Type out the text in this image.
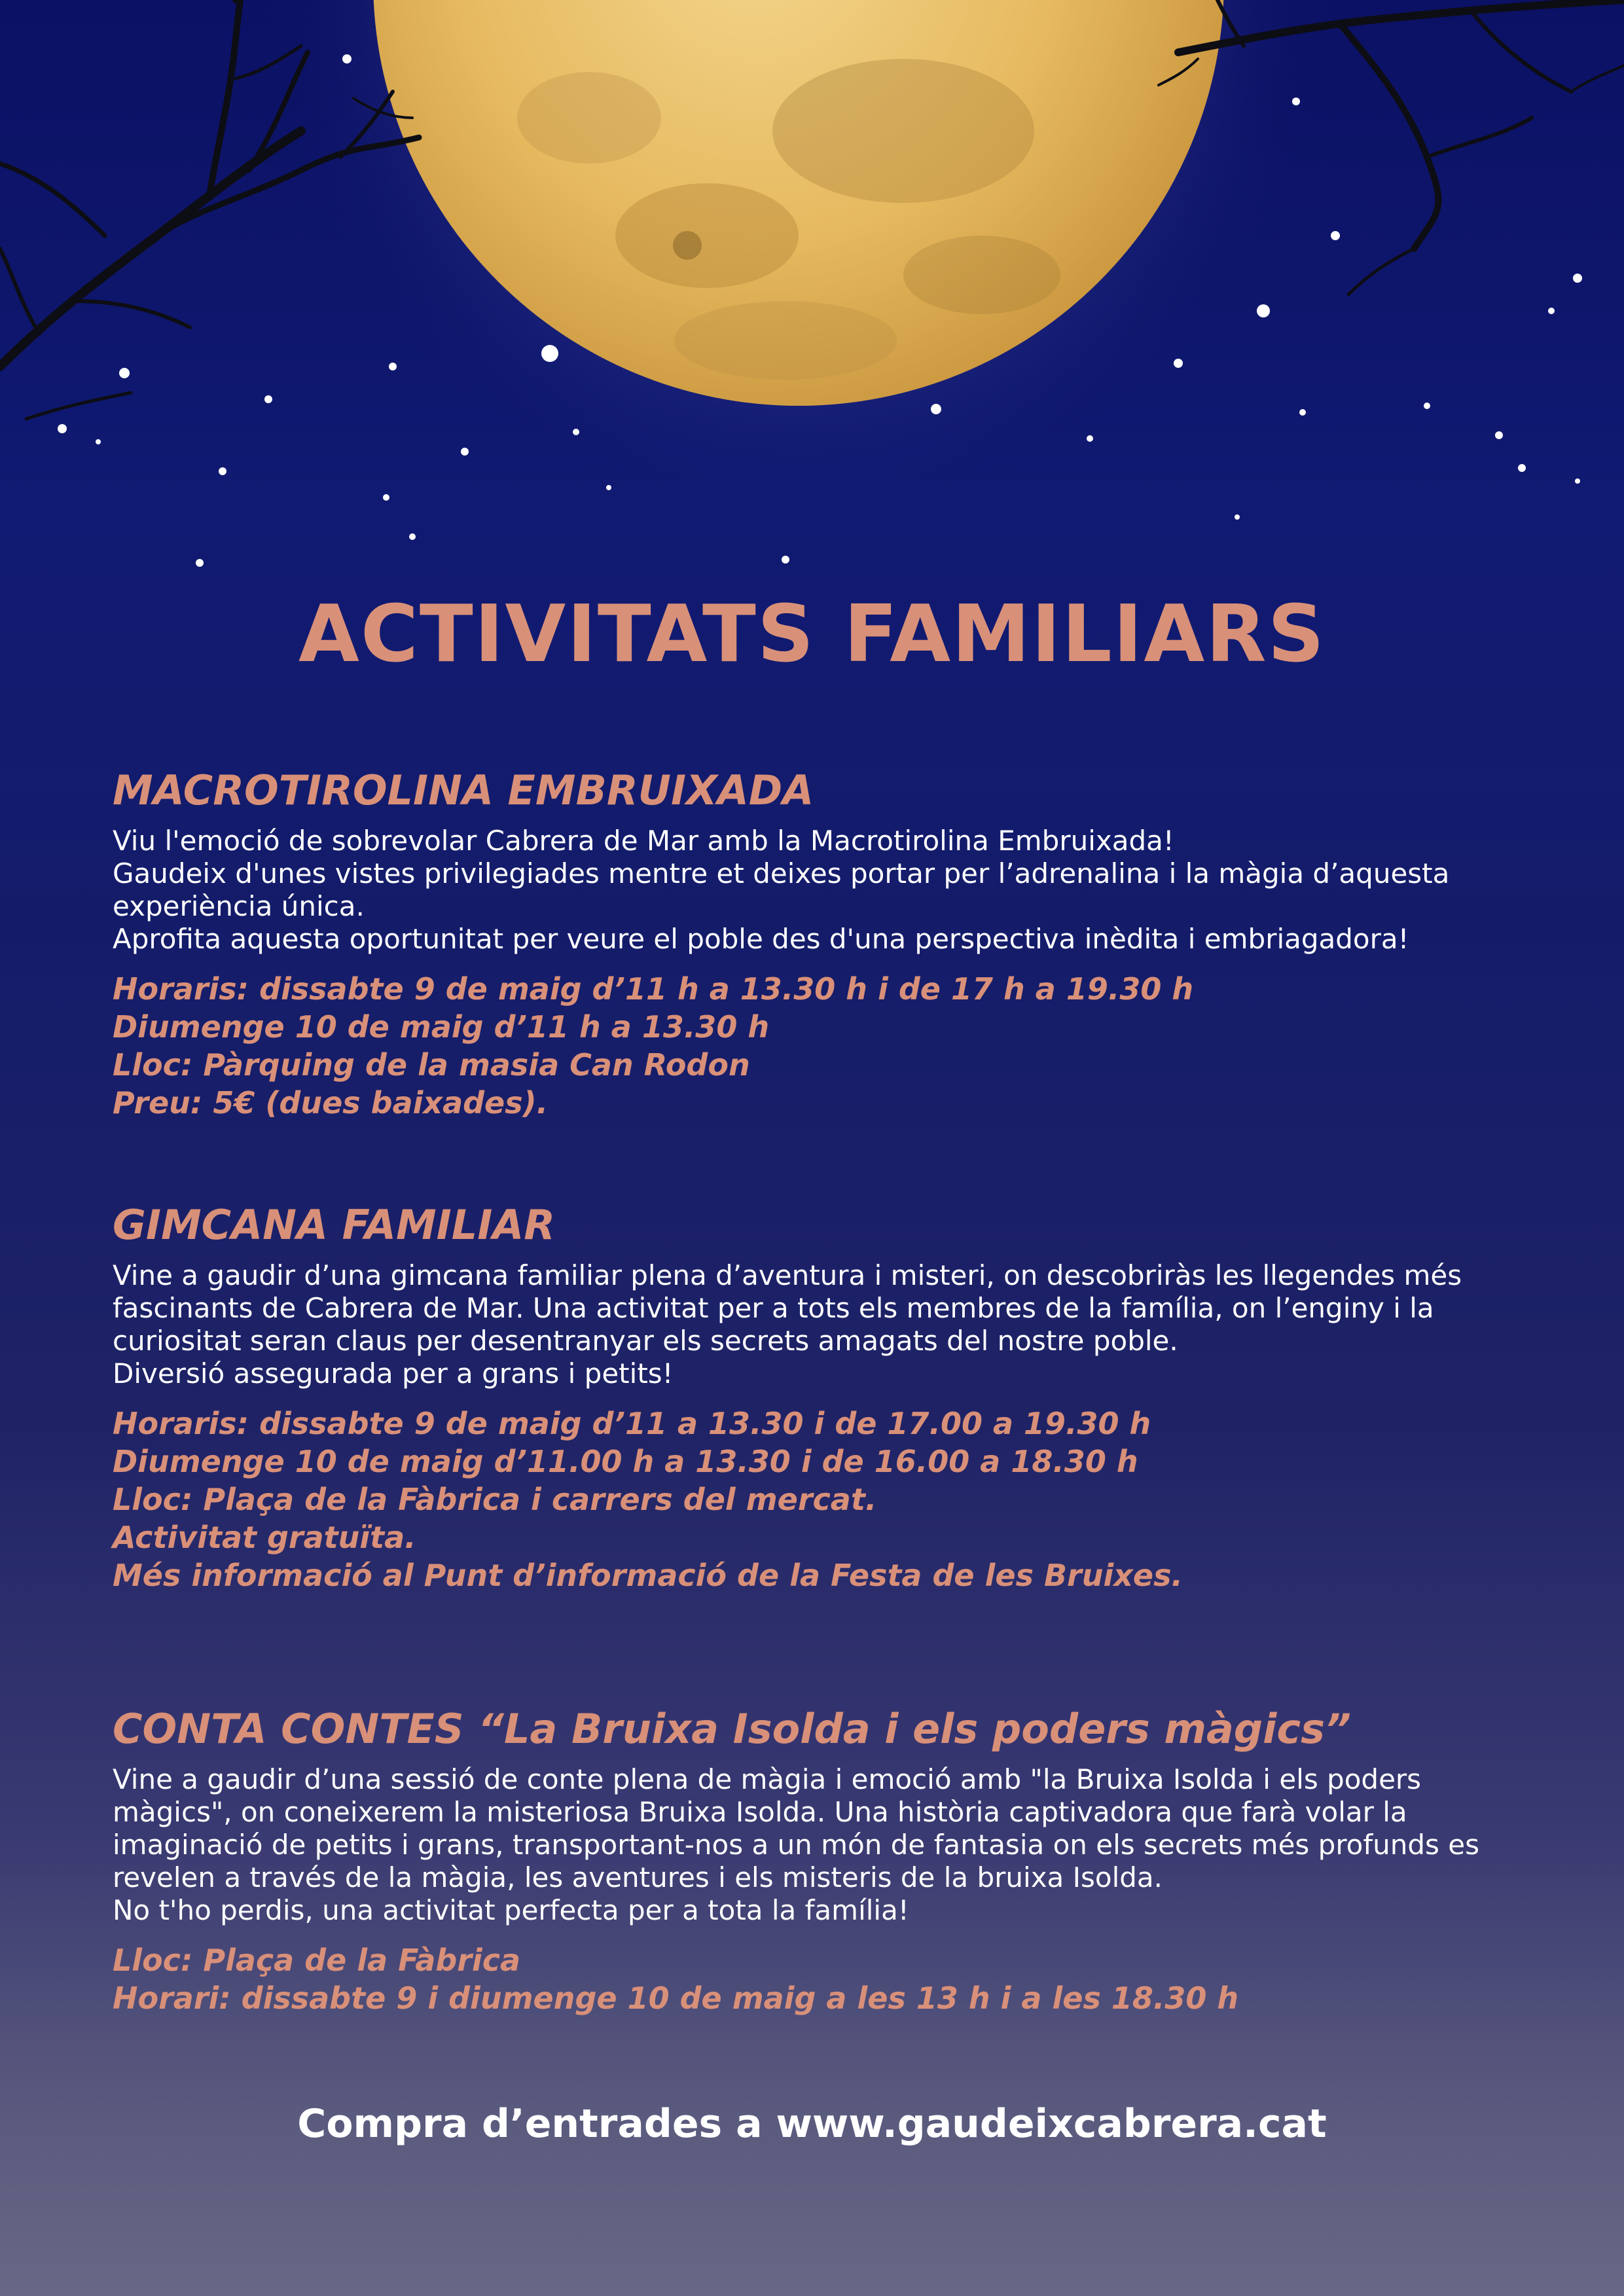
ACTIVITATS FAMILIARS
MACROTIROLINA EMBRUIXADA

Viu l'emoció de sobrevolar Cabrera de Mar amb la Macrotirolina Embruixada!

Gaudeix d'unes vistes privilegiades mentre et deixes portar per l’adrenalina i la màgia d’aquesta experiència única.

Aprofita aquesta oportunitat per veure el poble des d'una perspectiva inèdita i embriagadora!

Horaris: dissabte 9 de maig d’11 h a 13.30 h i de 17 h a 19.30 h

Diumenge 10 de maig d’11 h a 13.30 h

Lloc: Pàrquing de la masia Can Rodon

Preu: 5€ (dues baixades).

GIMCANA FAMILIAR

Vine a gaudir d’una gimcana familiar plena d’aventura i misteri, on descobriràs les llegendes més fascinants de Cabrera de Mar. Una activitat per a tots els membres de la família, on l’enginy i la curiositat seran claus per desentranyar els secrets amagats del nostre poble.

Diversió assegurada per a grans i petits!

Horaris: dissabte 9 de maig d’11 a 13.30 i de 17.00 a 19.30 h

Diumenge 10 de maig d’11.00 h a 13.30 i de 16.00 a 18.30 h

Lloc: Plaça de la Fàbrica i carrers del mercat.

Activitat gratuïta.

Més informació al Punt d’informació de la Festa de les Bruixes.

CONTA CONTES “La Bruixa Isolda i els poders màgics”

Vine a gaudir d’una sessió de conte plena de màgia i emoció amb "la Bruixa Isolda i els poders màgics", on coneixerem la misteriosa Bruixa Isolda. Una història captivadora que farà volar la imaginació de petits i grans, transportant-nos a un món de fantasia on els secrets més profunds es revelen a través de la màgia, les aventures i els misteris de la bruixa Isolda.

No t'ho perdis, una activitat perfecta per a tota la família!

Lloc: Plaça de la Fàbrica

Horari: dissabte 9 i diumenge 10 de maig a les 13 h i a les 18.30 h

Compra d’entrades a www.gaudeixcabrera.cat
